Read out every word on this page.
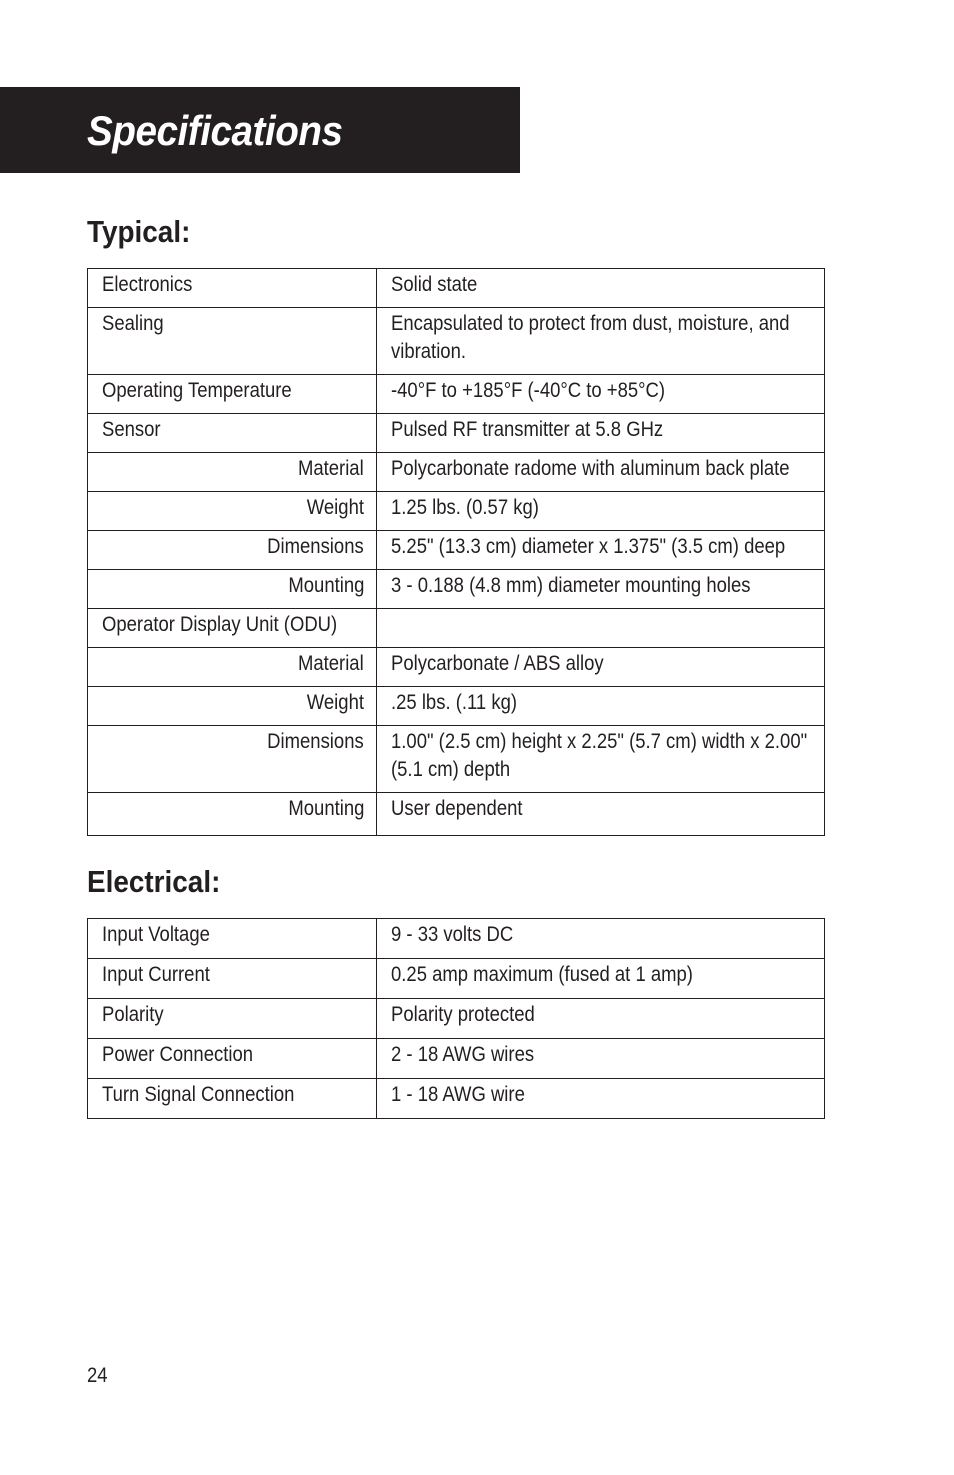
Specifications
Typical:
Electronics	Solid state
Sealing	Encapsulated to protect from dust, moisture, and vibration.
Operating Temperature	-40°F to +185°F (-40°C to +85°C)
Sensor	Pulsed RF transmitter at 5.8 GHz
Material	Polycarbonate radome with aluminum back plate
Weight	1.25 lbs. (0.57 kg)
Dimensions	5.25" (13.3 cm) diameter x 1.375" (3.5 cm) deep
Mounting	3 - 0.188 (4.8 mm) diameter mounting holes
Operator Display Unit (ODU)	
Material	Polycarbonate / ABS alloy
Weight	.25 lbs. (.11 kg)
Dimensions	1.00" (2.5 cm) height x 2.25" (5.7 cm) width x 2.00" (5.1 cm) depth
Mounting	User dependent
Electrical:
Input Voltage	9 - 33 volts DC
Input Current	0.25 amp maximum (fused at 1 amp)
Polarity	Polarity protected
Power Connection	2 - 18 AWG wires
Turn Signal Connection	1 - 18 AWG wire
24
